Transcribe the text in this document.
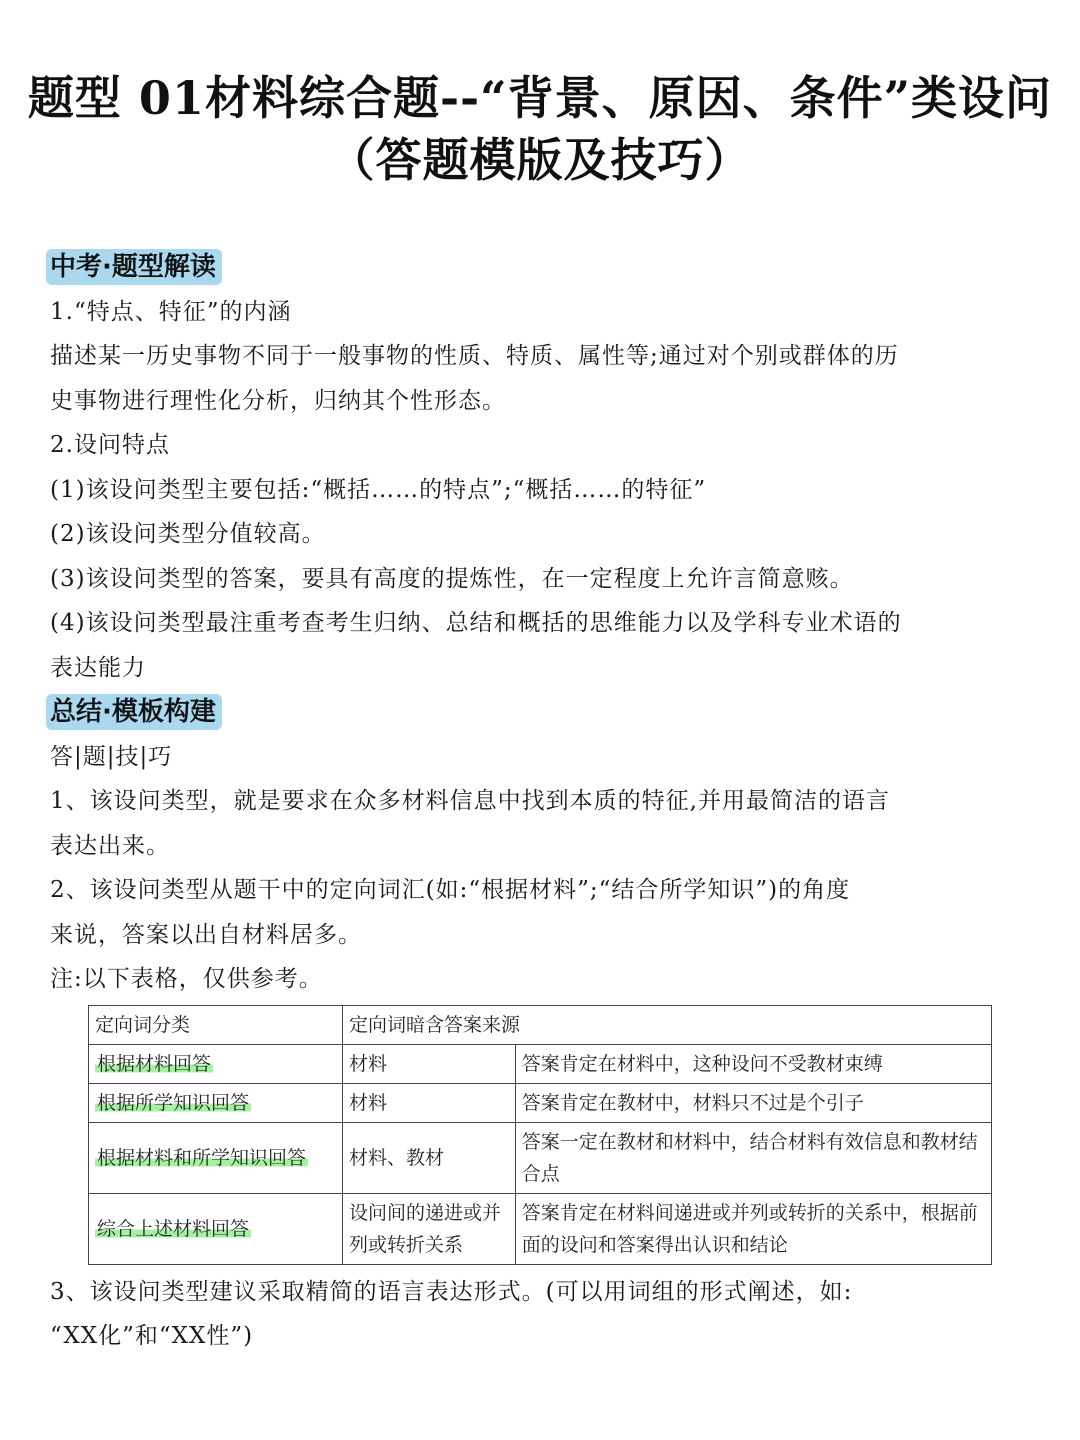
题型 01材料综合题--“背景、原因、条件”类设问
（答题模版及技巧）
中考·题型解读
1.“特点、特征”的内涵
描述某一历史事物不同于一般事物的性质、特质、属性等;通过对个别或群体的历
史事物进行理性化分析，归纳其个性形态。
2.设问特点
(1)该设问类型主要包括:“概括……的特点”;“概括……的特征”
(2)该设问类型分值较高。
(3)该设问类型的答案，要具有高度的提炼性，在一定程度上允许言简意赅。
(4)该设问类型最注重考查考生归纳、总结和概括的思维能力以及学科专业术语的
表达能力
总结·模板构建
答|题|技|巧
1、该设问类型，就是要求在众多材料信息中找到本质的特征,并用最简洁的语言
表达出来。
2、该设问类型从题干中的定向词汇(如:“根据材料”;“结合所学知识”)的角度
来说，答案以出自材料居多。
注:以下表格，仅供参考。
定向词分类	定向词暗含答案来源	
根据材料回答	材料	答案肯定在材料中，这种设问不受教材束缚
根据所学知识回答	材料	答案肯定在教材中，材料只不过是个引子
根据材料和所学知识回答	材料、教材	答案一定在教材和材料中，结合材料有效信息和教材结合点
综合上述材料回答	设问间的递进或并列或转折关系	答案肯定在材料间递进或并列或转折的关系中，根据前面的设问和答案得出认识和结论
3、该设问类型建议采取精简的语言表达形式。(可以用词组的形式阐述，如:
“XX化”和“XX性”)
